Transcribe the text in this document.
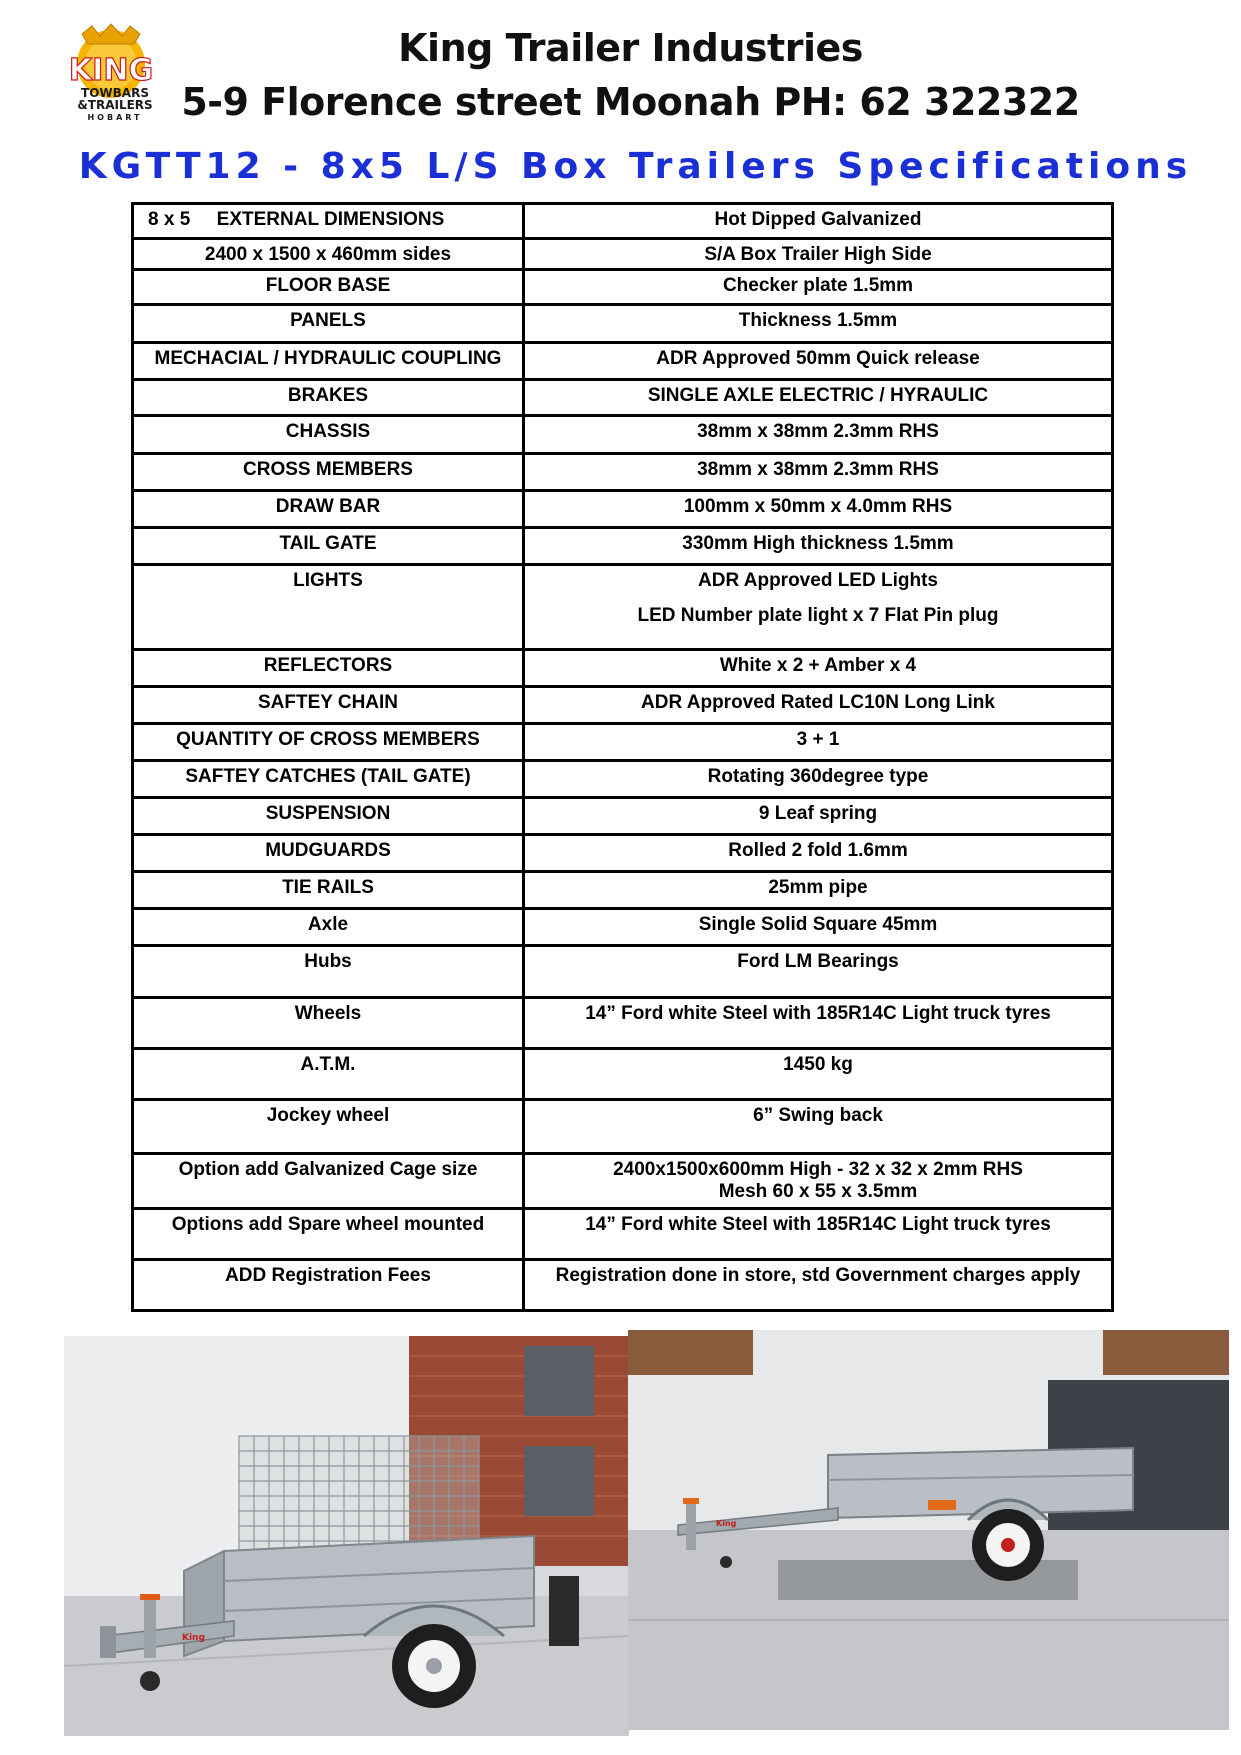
KING
TOWBARS
&TRAILERS
HOBART
King Trailer Industries
5-9 Florence street Moonah PH: 62 322322
KGTT12 - 8x5 L/S Box Trailers Specifications
8 x 5     EXTERNAL DIMENSIONS	Hot Dipped Galvanized
2400 x 1500 x 460mm sides	S/A Box Trailer High Side
FLOOR BASE	Checker plate 1.5mm
PANELS	Thickness 1.5mm
MECHACIAL / HYDRAULIC COUPLING	ADR Approved 50mm Quick release
BRAKES	SINGLE AXLE ELECTRIC / HYRAULIC
CHASSIS	38mm x 38mm 2.3mm RHS
CROSS MEMBERS	38mm x 38mm 2.3mm RHS
DRAW BAR	100mm x 50mm x 4.0mm RHS
TAIL GATE	330mm High thickness 1.5mm
LIGHTS	ADR Approved LED Lights
LED Number plate light x 7 Flat Pin plug

REFLECTORS	White x 2 + Amber x 4
SAFTEY CHAIN	ADR Approved Rated LC10N Long Link
QUANTITY OF CROSS MEMBERS	3 + 1
SAFTEY CATCHES (TAIL GATE)	Rotating 360degree type
SUSPENSION	9 Leaf spring
MUDGUARDS	Rolled 2 fold 1.6mm
TIE RAILS	25mm pipe
Axle	Single Solid Square 45mm
Hubs	Ford LM Bearings
Wheels	14” Ford white Steel with 185R14C Light truck tyres
A.T.M.	1450 kg
Jockey wheel	6” Swing back
Option add Galvanized Cage size	2400x1500x600mm High - 32 x 32 x 2mm RHS
Mesh 60 x 55 x 3.5mm

Options add Spare wheel mounted	14” Ford white Steel with 185R14C Light truck tyres
ADD Registration Fees	Registration done in store, std Government charges apply
King
King
